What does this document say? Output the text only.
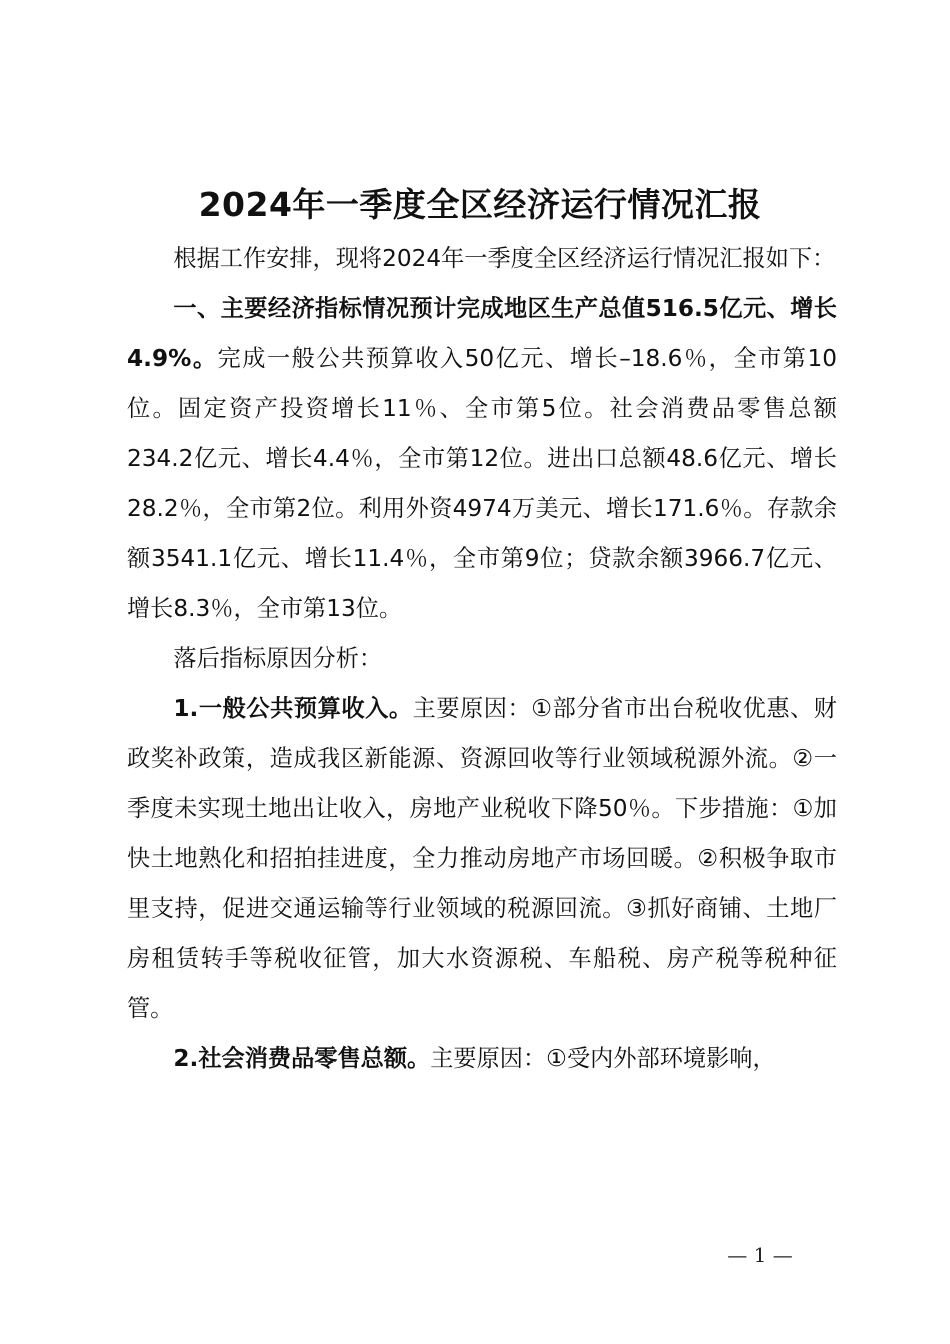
2024年一季度全区经济运行情况汇报

根据工作安排，现将2024年一季度全区经济运行情况汇报如下：

一、主要经济指标情况预计完成地区生产总值516.5亿元、增长4.9%。完成一般公共预算收入50亿元、增长–18.6％，全市第10位。固定资产投资增长11％、全市第5位。社会消费品零售总额234.2亿元、增长4.4％，全市第12位。进出口总额48.6亿元、增长28.2％，全市第2位。利用外资4974万美元、增长171.6％。存款余额3541.1亿元、增长11.4％，全市第9位；贷款余额3966.7亿元、增长8.3％，全市第13位。

落后指标原因分析：

1.一般公共预算收入。主要原因：①部分省市出台税收优惠、财政奖补政策，造成我区新能源、资源回收等行业领域税源外流。②一季度未实现土地出让收入，房地产业税收下降50％。下步措施：①加快土地熟化和招拍挂进度，全力推动房地产市场回暖。②积极争取市里支持，促进交通运输等行业领域的税源回流。③抓好商铺、土地厂房租赁转手等税收征管，加大水资源税、车船税、房产税等税种征管。

2.社会消费品零售总额。主要原因：①受内外部环境影响，

— 1 —
